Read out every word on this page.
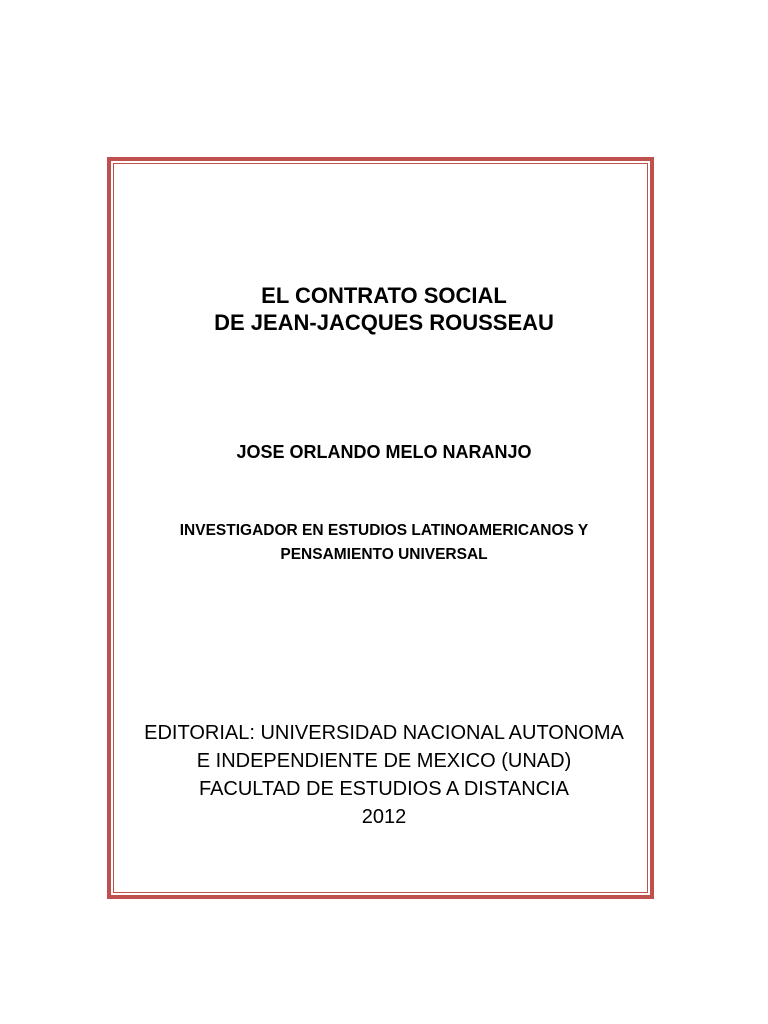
EL CONTRATO SOCIAL
DE JEAN-JACQUES ROUSSEAU
JOSE ORLANDO MELO NARANJO
INVESTIGADOR EN ESTUDIOS LATINOAMERICANOS Y
PENSAMIENTO UNIVERSAL
EDITORIAL: UNIVERSIDAD NACIONAL AUTONOMA
E INDEPENDIENTE DE MEXICO (UNAD)
FACULTAD DE ESTUDIOS A DISTANCIA
2012
